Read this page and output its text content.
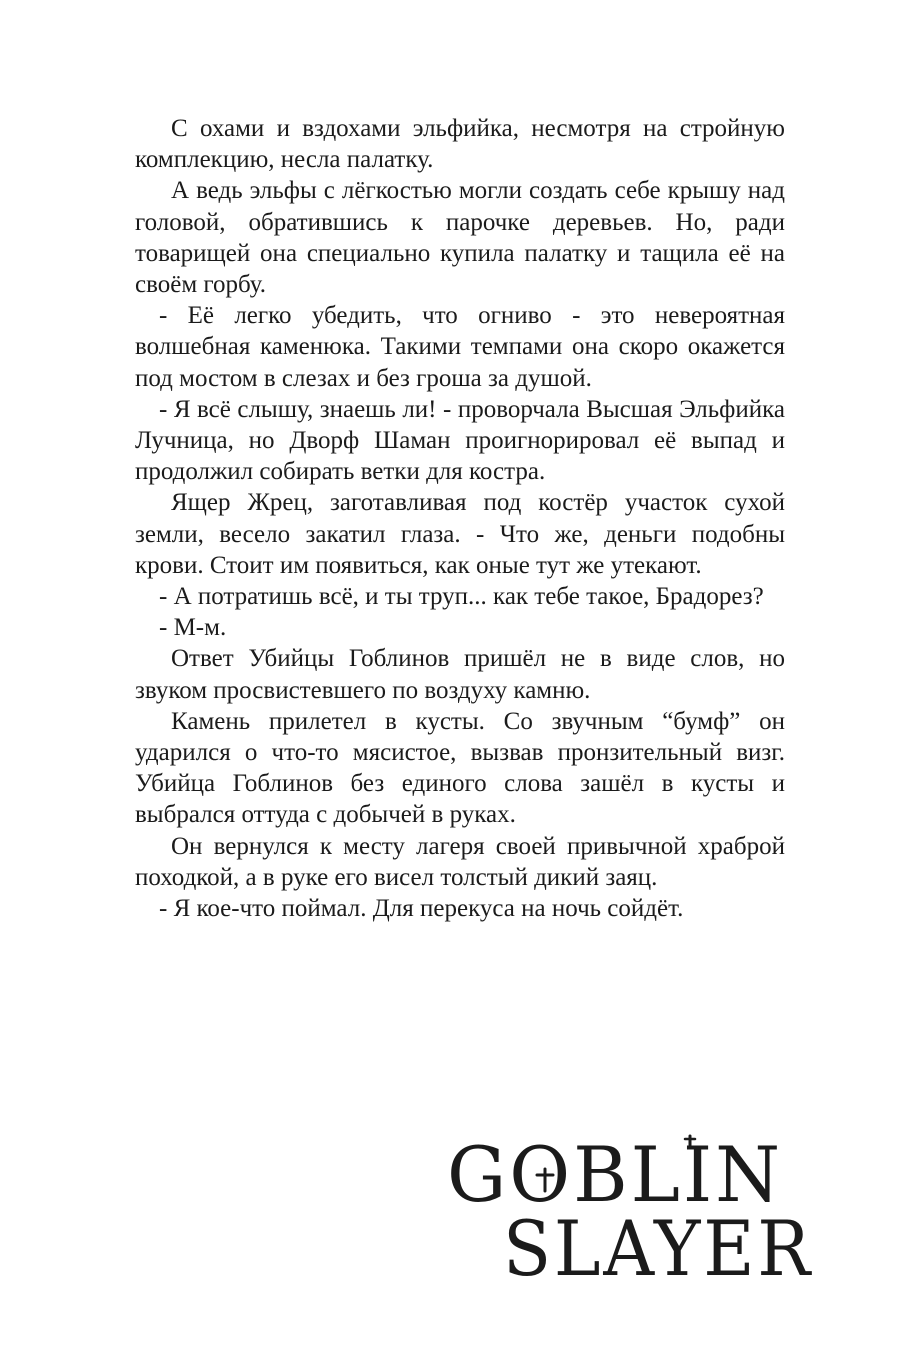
С охами и вздохами эльфийка, несмотря на стройную комплекцию, несла палатку.

А ведь эльфы с лёгкостью могли создать себе крышу над головой, обратившись к парочке деревьев. Но, ради товарищей она специально купила палатку и тащила её на своём горбу.

- Её легко убедить, что огниво - это невероятная волшебная каменюка. Такими темпами она скоро окажется под мостом в слезах и без гроша за душой.

- Я всё слышу, знаешь ли! - проворчала Высшая Эльфийка Лучница, но Дворф Шаман проигнорировал её выпад и продолжил собирать ветки для костра.

Ящер Жрец, заготавливая под костёр участок сухой земли, весело закатил глаза. - Что же, деньги подобны крови. Стоит им появиться, как оные тут же утекают.

- А потратишь всё, и ты труп... как тебе такое, Брадорез?

- М-м.

Ответ Убийцы Гоблинов пришёл не в виде слов, но звуком просвистевшего по воздуху камню.

Камень прилетел в кусты. Со звучным “бумф” он ударился о что-то мясистое, вызвав пронзительный визг. Убийца Гоблинов без единого слова зашёл в кусты и выбрался оттуда с добычей в руках.

Он вернулся к месту лагеря своей привычной храброй походкой, а в руке его висел толстый дикий заяц.

- Я кое-что поймал. Для перекуса на ночь сойдёт.

GOBLIN
SLAYER
